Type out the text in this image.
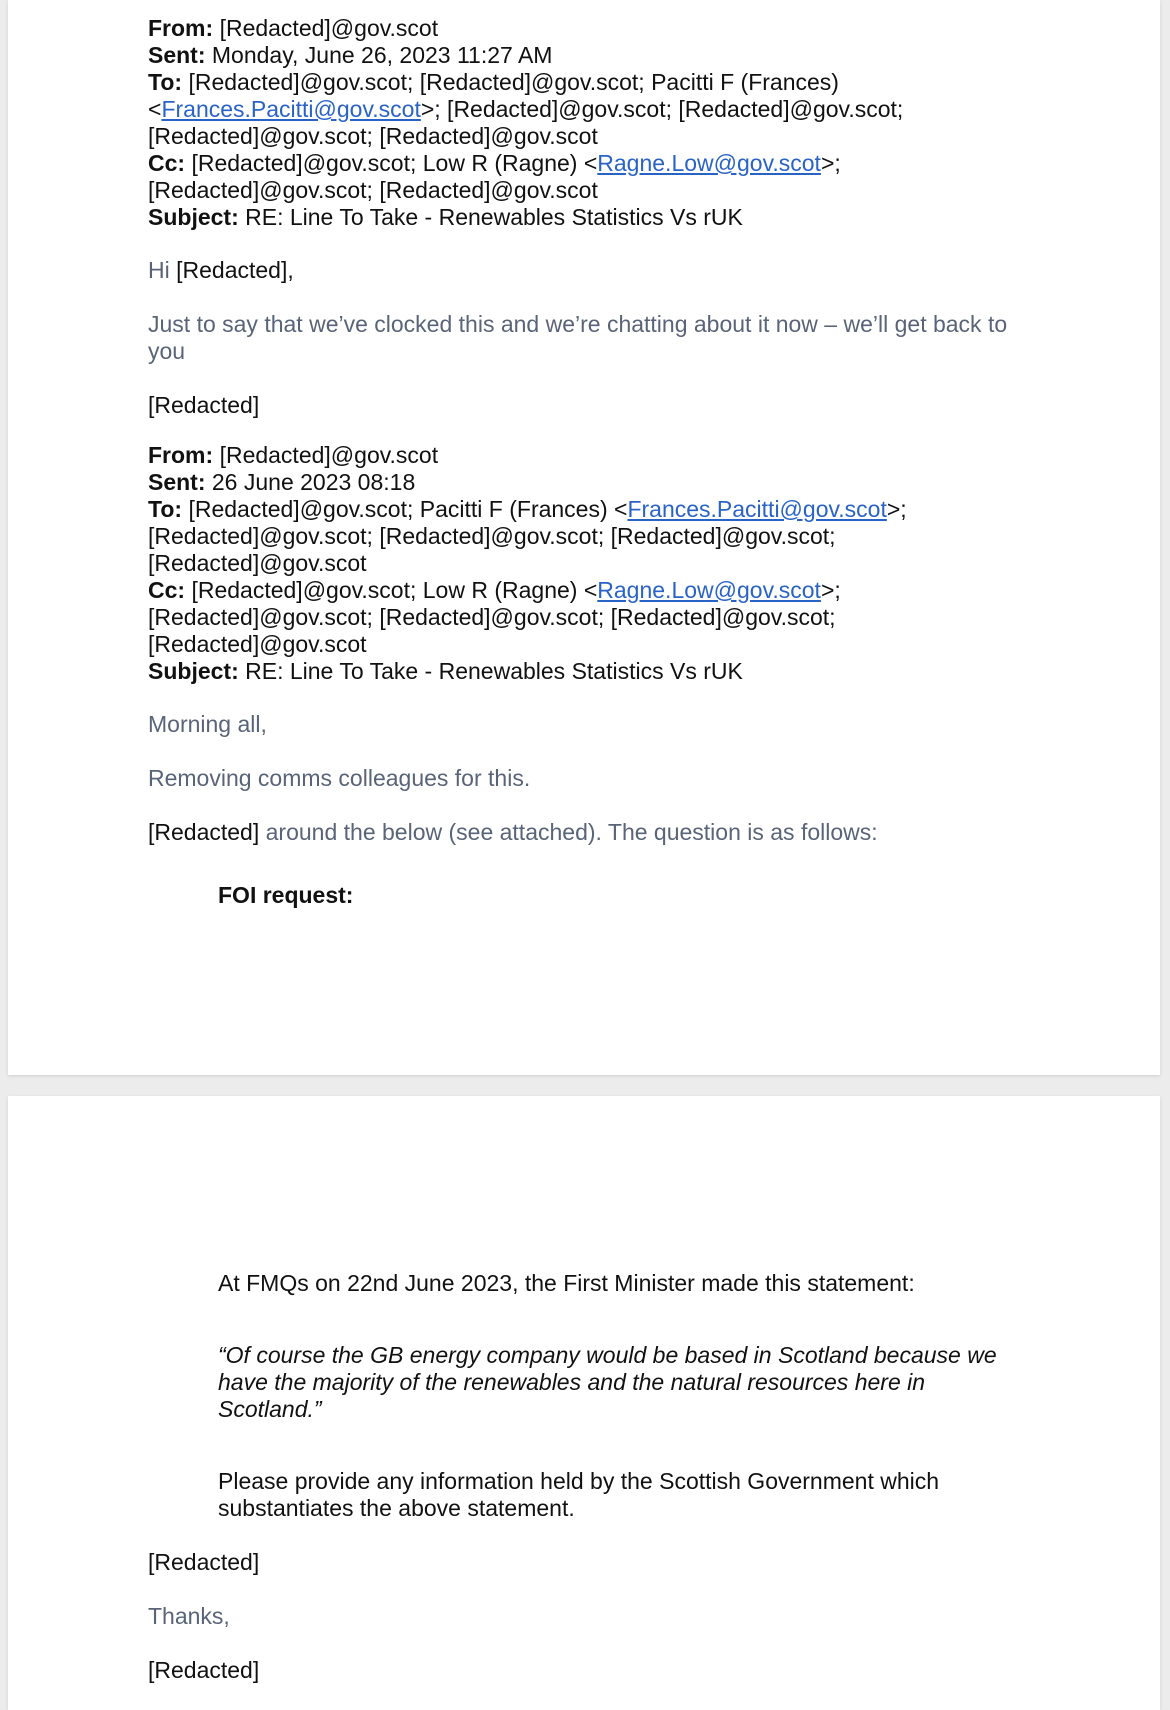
From: [Redacted]@gov.scot

Sent: Monday, June 26, 2023 11:27 AM

To: [Redacted]@gov.scot; [Redacted]@gov.scot; Pacitti F (Frances)

<Frances.Pacitti@gov.scot>; [Redacted]@gov.scot; [Redacted]@gov.scot;

[Redacted]@gov.scot; [Redacted]@gov.scot

Cc: [Redacted]@gov.scot; Low R (Ragne) <Ragne.Low@gov.scot>;

[Redacted]@gov.scot; [Redacted]@gov.scot

Subject: RE: Line To Take - Renewables Statistics Vs rUK

Hi [Redacted],

Just to say that we’ve clocked this and we’re chatting about it now – we’ll get back to
you

[Redacted]

From: [Redacted]@gov.scot

Sent: 26 June 2023 08:18

To: [Redacted]@gov.scot; Pacitti F (Frances) <Frances.Pacitti@gov.scot>;

[Redacted]@gov.scot; [Redacted]@gov.scot; [Redacted]@gov.scot;

[Redacted]@gov.scot

Cc: [Redacted]@gov.scot; Low R (Ragne) <Ragne.Low@gov.scot>;

[Redacted]@gov.scot; [Redacted]@gov.scot; [Redacted]@gov.scot;

[Redacted]@gov.scot

Subject: RE: Line To Take - Renewables Statistics Vs rUK

Morning all,

Removing comms colleagues for this.

[Redacted] around the below (see attached). The question is as follows:

FOI request:

At FMQs on 22nd June 2023, the First Minister made this statement:

“Of course the GB energy company would be based in Scotland because we
have the majority of the renewables and the natural resources here in
Scotland.”

Please provide any information held by the Scottish Government which
substantiates the above statement.

[Redacted]

Thanks,

[Redacted]
